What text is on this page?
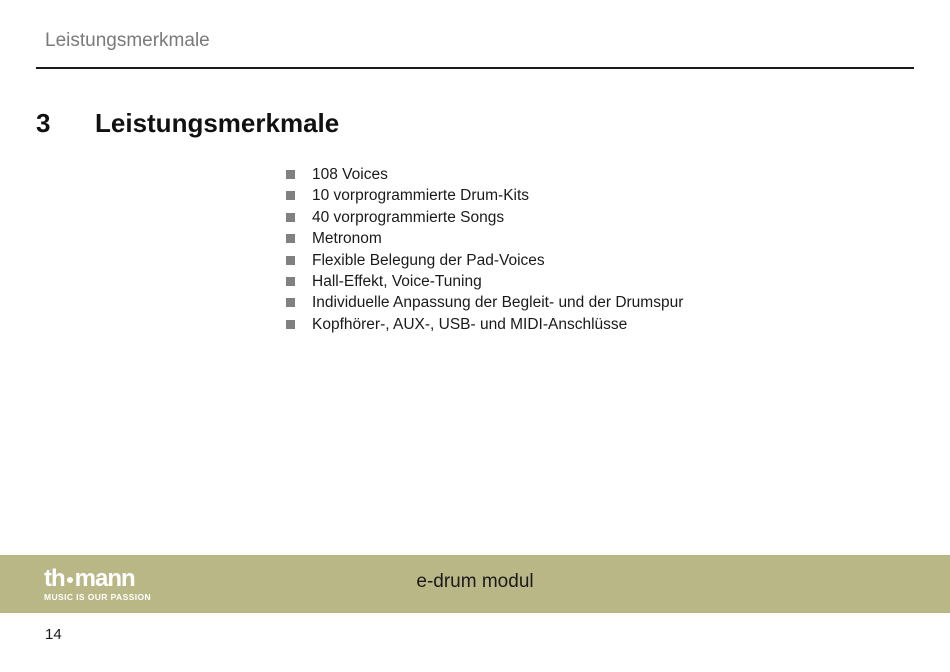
Leistungsmerkmale
3 Leistungsmerkmale
108 Voices
10 vorprogrammierte Drum-Kits
40 vorprogrammierte Songs
Metronom
Flexible Belegung der Pad-Voices
Hall-Effekt, Voice-Tuning
Individuelle Anpassung der Begleit- und der Drumspur
Kopfhörer-, AUX-, USB- und MIDI-Anschlüsse
th mann
MUSIC IS OUR PASSION
e-drum modul
14
